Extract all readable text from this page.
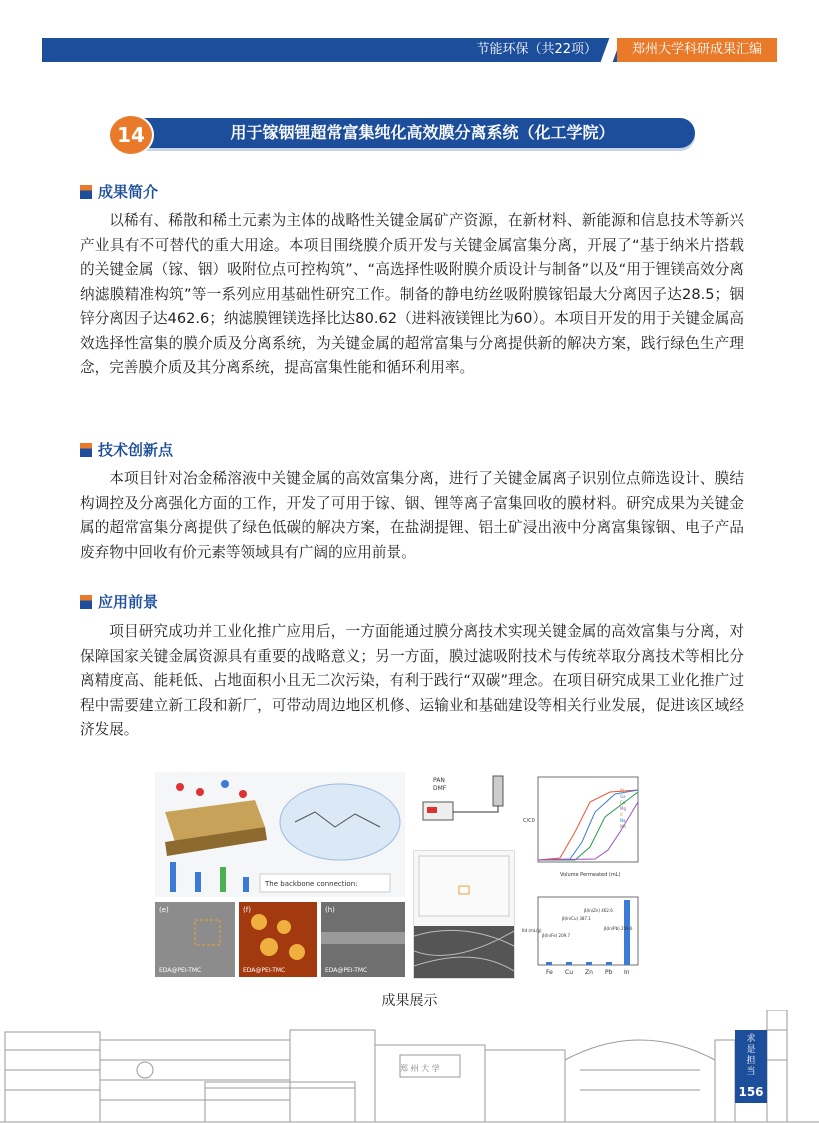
节能环保（共22项）	郑州大学科研成果汇编
用于镓铟锂超常富集纯化高效膜分离系统（化工学院）
14
成果简介
以稀有、稀散和稀土元素为主体的战略性关键金属矿产资源，在新材料、新能源和信息技术等新兴产业具有不可替代的重大用途。本项目围绕膜介质开发与关键金属富集分离，开展了“基于纳米片搭载的关键金属（镓、铟）吸附位点可控构筑”、“高选择性吸附膜介质设计与制备”以及“用于锂镁高效分离纳滤膜精准构筑”等一系列应用基础性研究工作。制备的静电纺丝吸附膜镓铝最大分离因子达28.5；铟锌分离因子达462.6；纳滤膜锂镁选择比达80.62（进料液镁锂比为60）。本项目开发的用于关键金属高效选择性富集的膜介质及分离系统，为关键金属的超常富集与分离提供新的解决方案，践行绿色生产理念，完善膜介质及其分离系统，提高富集性能和循环利用率。
技术创新点
本项目针对冶金稀溶液中关键金属的高效富集分离，进行了关键金属离子识别位点筛选设计、膜结构调控及分离强化方面的工作，开发了可用于镓、铟、锂等离子富集回收的膜材料。研究成果为关键金属的超常富集分离提供了绿色低碳的解决方案，在盐湖提锂、铝土矿浸出液中分离富集镓铟、电子产品废弃物中回收有价元素等领域具有广阔的应用前景。
应用前景
项目研究成功并工业化推广应用后，一方面能通过膜分离技术实现关键金属的高效富集与分离，对保障国家关键金属资源具有重要的战略意义；另一方面，膜过滤吸附技术与传统萃取分离技术等相比分离精度高、能耗低、占地面积小且无二次污染，有利于践行“双碳”理念。在项目研究成果工业化推广过程中需要建立新工段和新厂，可带动周边地区机修、运输业和基础建设等相关行业发展，促进该区域经济发展。
The backbone connection:
(e)
EDA@PEI-TMC
(f)
EDA@PEI-TMC
(h)
EDA@PEI-TMC
PAN
DMF
Volume Permeated (mL)
C/C0
Al
Ga
Cu
Mg
K
Na
Mn
β(In/Fe) 209.7
β(In/Cu) 387.1
β(In/Zn) 462.6
β(In/Pb) 259.6
Fe Cu Zn Pb In
Kd (mL/g)
成果展示
郑 州 大 学
求
是
担
当
156
